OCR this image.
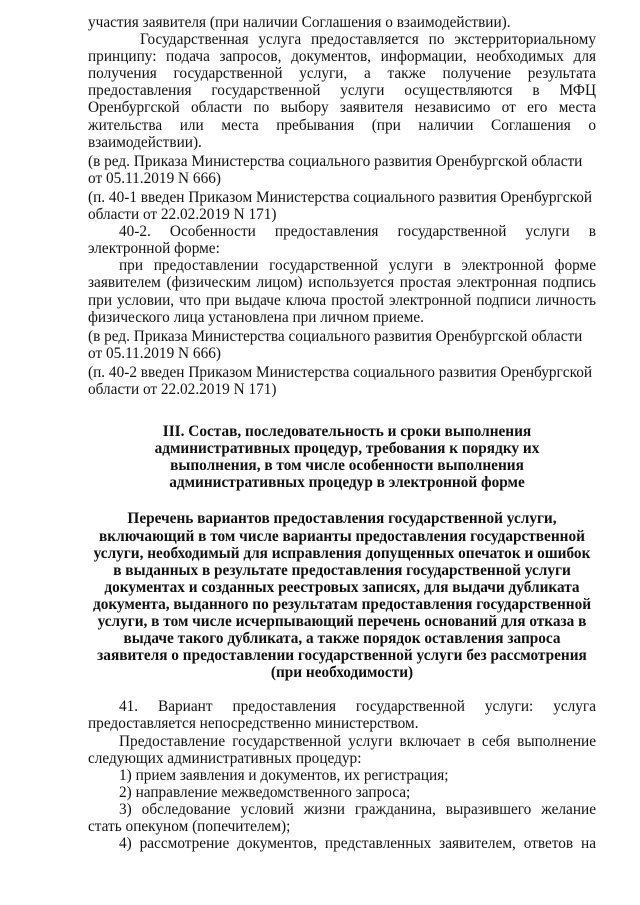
участия заявителя (при наличии Соглашения о взаимодействии).

Государственная услуга предоставляется по экстерриториальному принципу: подача запросов, документов, информации, необходимых для получения государственной услуги, а также получение результата предоставления государственной услуги осуществляются в МФЦ Оренбургской области по выбору заявителя независимо от его места жительства или места пребывания (при наличии Соглашения о взаимодействии).

(в ред. Приказа Министерства социального развития Оренбургской области от 05.11.2019 N 666)

(п. 40-1 введен Приказом Министерства социального развития Оренбургской области от 22.02.2019 N 171)

40-2. Особенности предоставления государственной услуги в электронной форме:

при предоставлении государственной услуги в электронной форме заявителем (физическим лицом) используется простая электронная подпись при условии, что при выдаче ключа простой электронной подписи личность физического лица установлена при личном приеме.

(в ред. Приказа Министерства социального развития Оренбургской области от 05.11.2019 N 666)

(п. 40-2 введен Приказом Министерства социального развития Оренбургской области от 22.02.2019 N 171)

III. Состав, последовательность и сроки выполнения административных процедур, требования к порядку их выполнения, в том числе особенности выполнения административных процедур в электронной форме

Перечень вариантов предоставления государственной услуги, включающий в том числе варианты предоставления государственной услуги, необходимый для исправления допущенных опечаток и ошибок в выданных в результате предоставления государственной услуги документах и созданных реестровых записях, для выдачи дубликата документа, выданного по результатам предоставления государственной услуги, в том числе исчерпывающий перечень оснований для отказа в выдаче такого дубликата, а также порядок оставления запроса заявителя о предоставлении государственной услуги без рассмотрения (при необходимости)

41. Вариант предоставления государственной услуги: услуга предоставляется непосредственно министерством.

Предоставление государственной услуги включает в себя выполнение следующих административных процедур:

1) прием заявления и документов, их регистрация;

2) направление межведомственного запроса;

3) обследование условий жизни гражданина, выразившего желание стать опекуном (попечителем);

4) рассмотрение документов, представленных заявителем, ответов на
